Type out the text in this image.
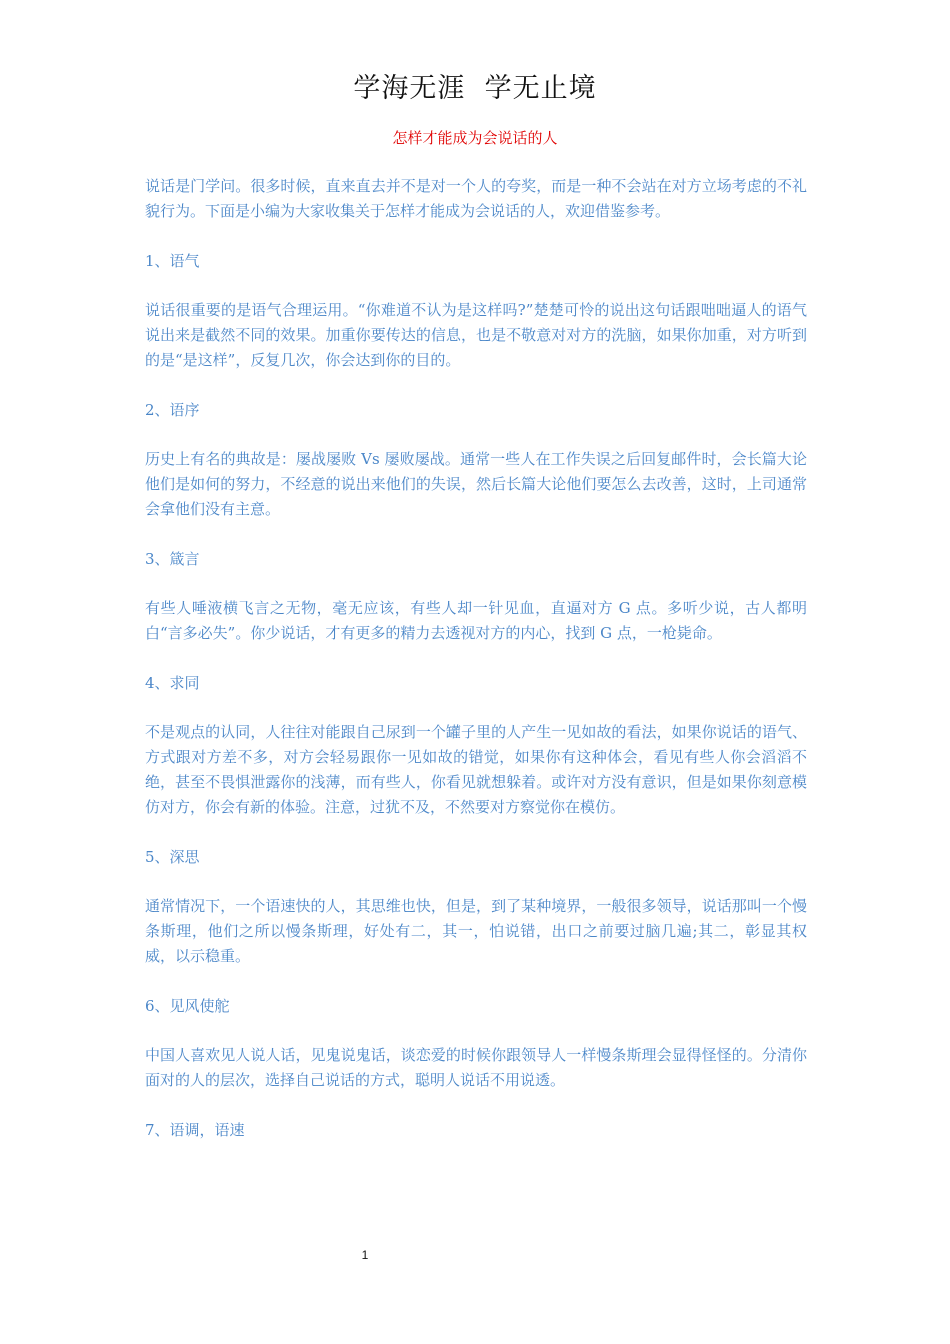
学海无涯  学无止境
怎样才能成为会说话的人

说话是门学问。很多时候，直来直去并不是对一个人的夸奖，而是一种不会站在对方立场考虑的不礼貌行为。下面是小编为大家收集关于怎样才能成为会说话的人，欢迎借鉴参考。

1、语气

说话很重要的是语气合理运用。“你难道不认为是这样吗?”楚楚可怜的说出这句话跟咄咄逼人的语气说出来是截然不同的效果。加重你要传达的信息，也是不敬意对对方的洗脑，如果你加重，对方听到的是“是这样”，反复几次，你会达到你的目的。

2、语序

历史上有名的典故是：屡战屡败 Vs 屡败屡战。通常一些人在工作失误之后回复邮件时，会长篇大论他们是如何的努力，不经意的说出来他们的失误，然后长篇大论他们要怎么去改善，这时，上司通常会拿他们没有主意。

3、箴言

有些人唾液横飞言之无物，毫无应该，有些人却一针见血，直逼对方 G 点。多听少说，古人都明白“言多必失”。你少说话，才有更多的精力去透视对方的内心，找到 G 点，一枪毙命。

4、求同

不是观点的认同，人往往对能跟自己尿到一个罐子里的人产生一见如故的看法，如果你说话的语气、方式跟对方差不多，对方会轻易跟你一见如故的错觉，如果你有这种体会，看见有些人你会滔滔不绝，甚至不畏惧泄露你的浅薄，而有些人，你看见就想躲着。或许对方没有意识，但是如果你刻意模仿对方，你会有新的体验。注意，过犹不及，不然要对方察觉你在模仿。

5、深思

通常情况下，一个语速快的人，其思维也快，但是，到了某种境界，一般很多领导，说话那叫一个慢条斯理，他们之所以慢条斯理，好处有二，其一，怕说错，出口之前要过脑几遍;其二，彰显其权威，以示稳重。

6、见风使舵

中国人喜欢见人说人话，见鬼说鬼话，谈恋爱的时候你跟领导人一样慢条斯理会显得怪怪的。分清你面对的人的层次，选择自己说话的方式，聪明人说话不用说透。

7、语调，语速

1
